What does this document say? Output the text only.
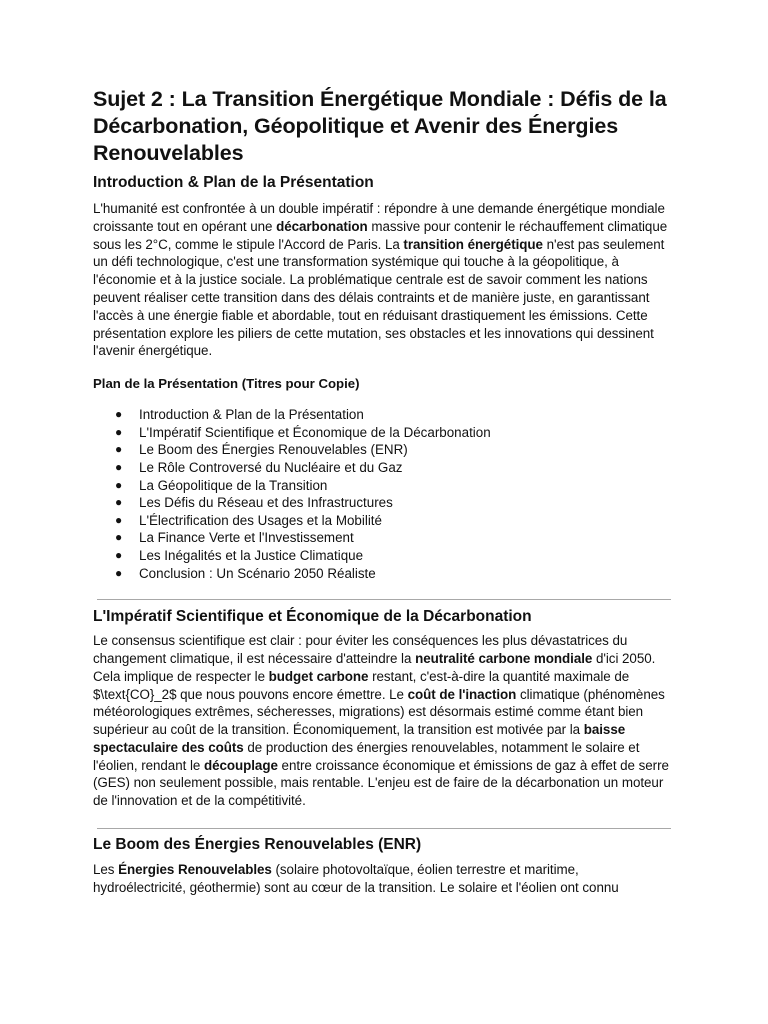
Sujet 2 : La Transition Énergétique Mondiale : Défis de la Décarbonation, Géopolitique et Avenir des Énergies Renouvelables
Introduction & Plan de la Présentation

L'humanité est confrontée à un double impératif : répondre à une demande énergétique mondiale croissante tout en opérant une décarbonation massive pour contenir le réchauffement climatique sous les 2°C, comme le stipule l'Accord de Paris. La transition énergétique n'est pas seulement un défi technologique, c'est une transformation systémique qui touche à la géopolitique, à l'économie et à la justice sociale. La problématique centrale est de savoir comment les nations peuvent réaliser cette transition dans des délais contraints et de manière juste, en garantissant l'accès à une énergie fiable et abordable, tout en réduisant drastiquement les émissions. Cette présentation explore les piliers de cette mutation, ses obstacles et les innovations qui dessinent l'avenir énergétique.

Plan de la Présentation (Titres pour Copie)

● Introduction & Plan de la Présentation
● L'Impératif Scientifique et Économique de la Décarbonation
● Le Boom des Énergies Renouvelables (ENR)
● Le Rôle Controversé du Nucléaire et du Gaz
● La Géopolitique de la Transition
● Les Défis du Réseau et des Infrastructures
● L'Électrification des Usages et la Mobilité
● La Finance Verte et l'Investissement
● Les Inégalités et la Justice Climatique
● Conclusion : Un Scénario 2050 Réaliste
L'Impératif Scientifique et Économique de la Décarbonation

Le consensus scientifique est clair : pour éviter les conséquences les plus dévastatrices du changement climatique, il est nécessaire d'atteindre la neutralité carbone mondiale d'ici 2050. Cela implique de respecter le budget carbone restant, c'est-à-dire la quantité maximale de $\text{CO}_2$ que nous pouvons encore émettre. Le coût de l'inaction climatique (phénomènes météorologiques extrêmes, sécheresses, migrations) est désormais estimé comme étant bien supérieur au coût de la transition. Économiquement, la transition est motivée par la baisse spectaculaire des coûts de production des énergies renouvelables, notamment le solaire et l'éolien, rendant le découplage entre croissance économique et émissions de gaz à effet de serre (GES) non seulement possible, mais rentable. L'enjeu est de faire de la décarbonation un moteur de l'innovation et de la compétitivité.

Le Boom des Énergies Renouvelables (ENR)

Les Énergies Renouvelables (solaire photovoltaïque, éolien terrestre et maritime, hydroélectricité, géothermie) sont au cœur de la transition. Le solaire et l'éolien ont connu
